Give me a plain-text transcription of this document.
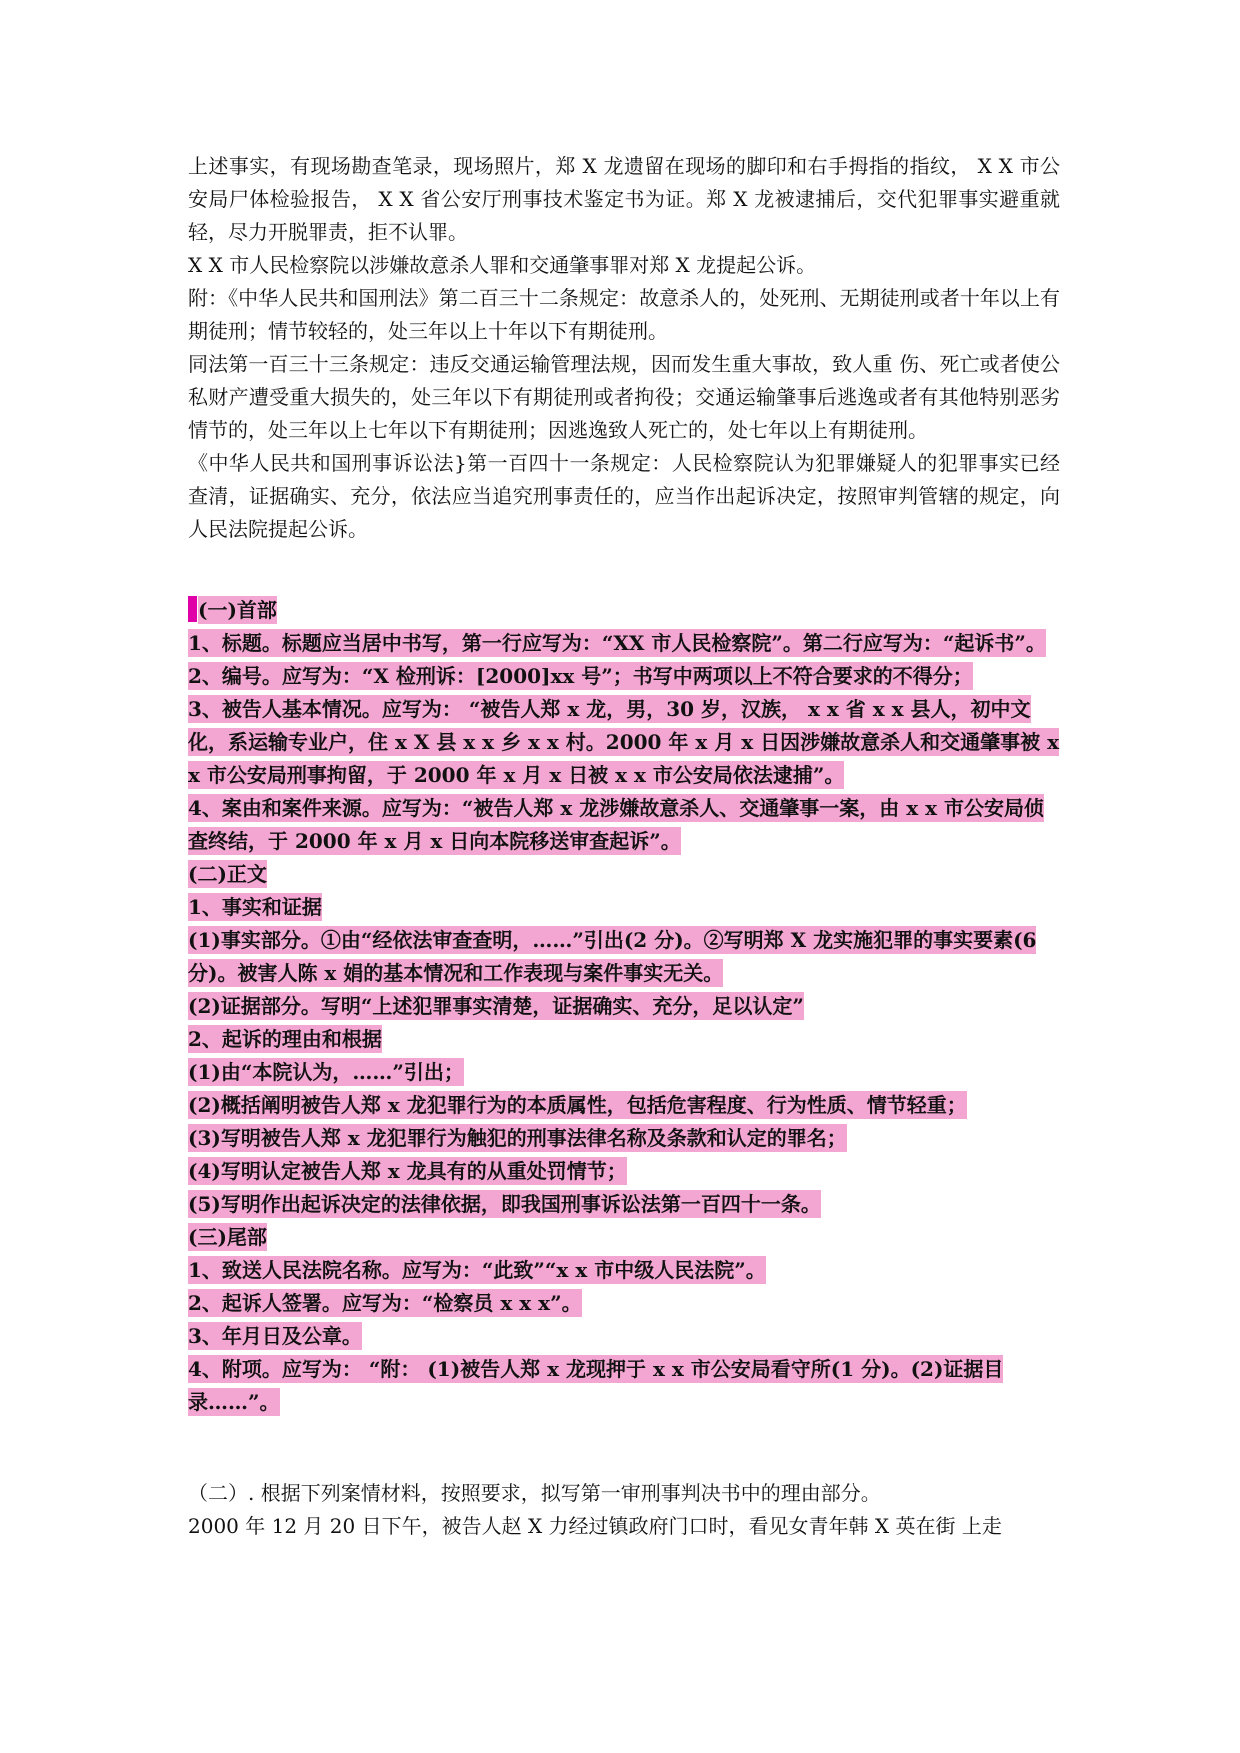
上述事实，有现场勘查笔录，现场照片，郑 X 龙遗留在现场的脚印和右手拇指的指纹， X X 市公安局尸体检验报告， X X 省公安厅刑事技术鉴定书为证。郑 X 龙被逮捕后，交代犯罪事实避重就轻，尽力开脱罪责，拒不认罪。

X X 市人民检察院以涉嫌故意杀人罪和交通肇事罪对郑 X 龙提起公诉。

附：《中华人民共和国刑法》第二百三十二条规定：故意杀人的，处死刑、无期徒刑或者十年以上有期徒刑；情节较轻的，处三年以上十年以下有期徒刑。

同法第一百三十三条规定：违反交通运输管理法规，因而发生重大事故，致人重 伤、死亡或者使公私财产遭受重大损失的，处三年以下有期徒刑或者拘役；交通运输肇事后逃逸或者有其他特别恶劣情节的，处三年以上七年以下有期徒刑；因逃逸致人死亡的，处七年以上有期徒刑。

《中华人民共和国刑事诉讼法}第一百四十一条规定：人民检察院认为犯罪嫌疑人的犯罪事实已经查清，证据确实、充分，依法应当追究刑事责任的，应当作出起诉决定，按照审判管辖的规定，向人民法院提起公诉。

(一)首部
1、标题。标题应当居中书写，第一行应写为：“XX 市人民检察院”。第二行应写为：“起诉书”。
2、编号。应写为：“X 检刑诉：[2000]xx 号”；书写中两项以上不符合要求的不得分；
3、被告人基本情况。应写为： “被告人郑 x 龙，男，30 岁，汉族， x x 省 x x 县人，初中文化，系运输专业户，住 x X 县 x x 乡 x x 村。2000 年 x 月 x 日因涉嫌故意杀人和交通肇事被 x x 市公安局刑事拘留，于 2000 年 x 月 x 日被 x x 市公安局依法逮捕”。
4、案由和案件来源。应写为：“被告人郑 x 龙涉嫌故意杀人、交通肇事一案，由 x x 市公安局侦查终结，于 2000 年 x 月 x 日向本院移送审查起诉”。
(二)正文
1、事实和证据
(1)事实部分。①由“经依法审查查明，……”引出(2 分)。②写明郑 X 龙实施犯罪的事实要素(6 分)。被害人陈 x 娟的基本情况和工作表现与案件事实无关。
(2)证据部分。写明“上述犯罪事实清楚，证据确实、充分，足以认定”
2、起诉的理由和根据
(1)由“本院认为，……”引出；
(2)概括阐明被告人郑 x 龙犯罪行为的本质属性，包括危害程度、行为性质、情节轻重；
(3)写明被告人郑 x 龙犯罪行为触犯的刑事法律名称及条款和认定的罪名；
(4)写明认定被告人郑 x 龙具有的从重处罚情节；
(5)写明作出起诉决定的法律依据，即我国刑事诉讼法第一百四十一条。
(三)尾部
1、致送人民法院名称。应写为：“此致”“x x 市中级人民法院”。
2、起诉人签署。应写为：“检察员 x x x”。
3、年月日及公章。
4、附项。应写为： “附： (1)被告人郑 x 龙现押于 x x 市公安局看守所(1 分)。(2)证据目录……”。

（二）. 根据下列案情材料，按照要求，拟写第一审刑事判决书中的理由部分。

2000 年 12 月 20 日下午，被告人赵 X 力经过镇政府门口时，看见女青年韩 X 英在街 上走
